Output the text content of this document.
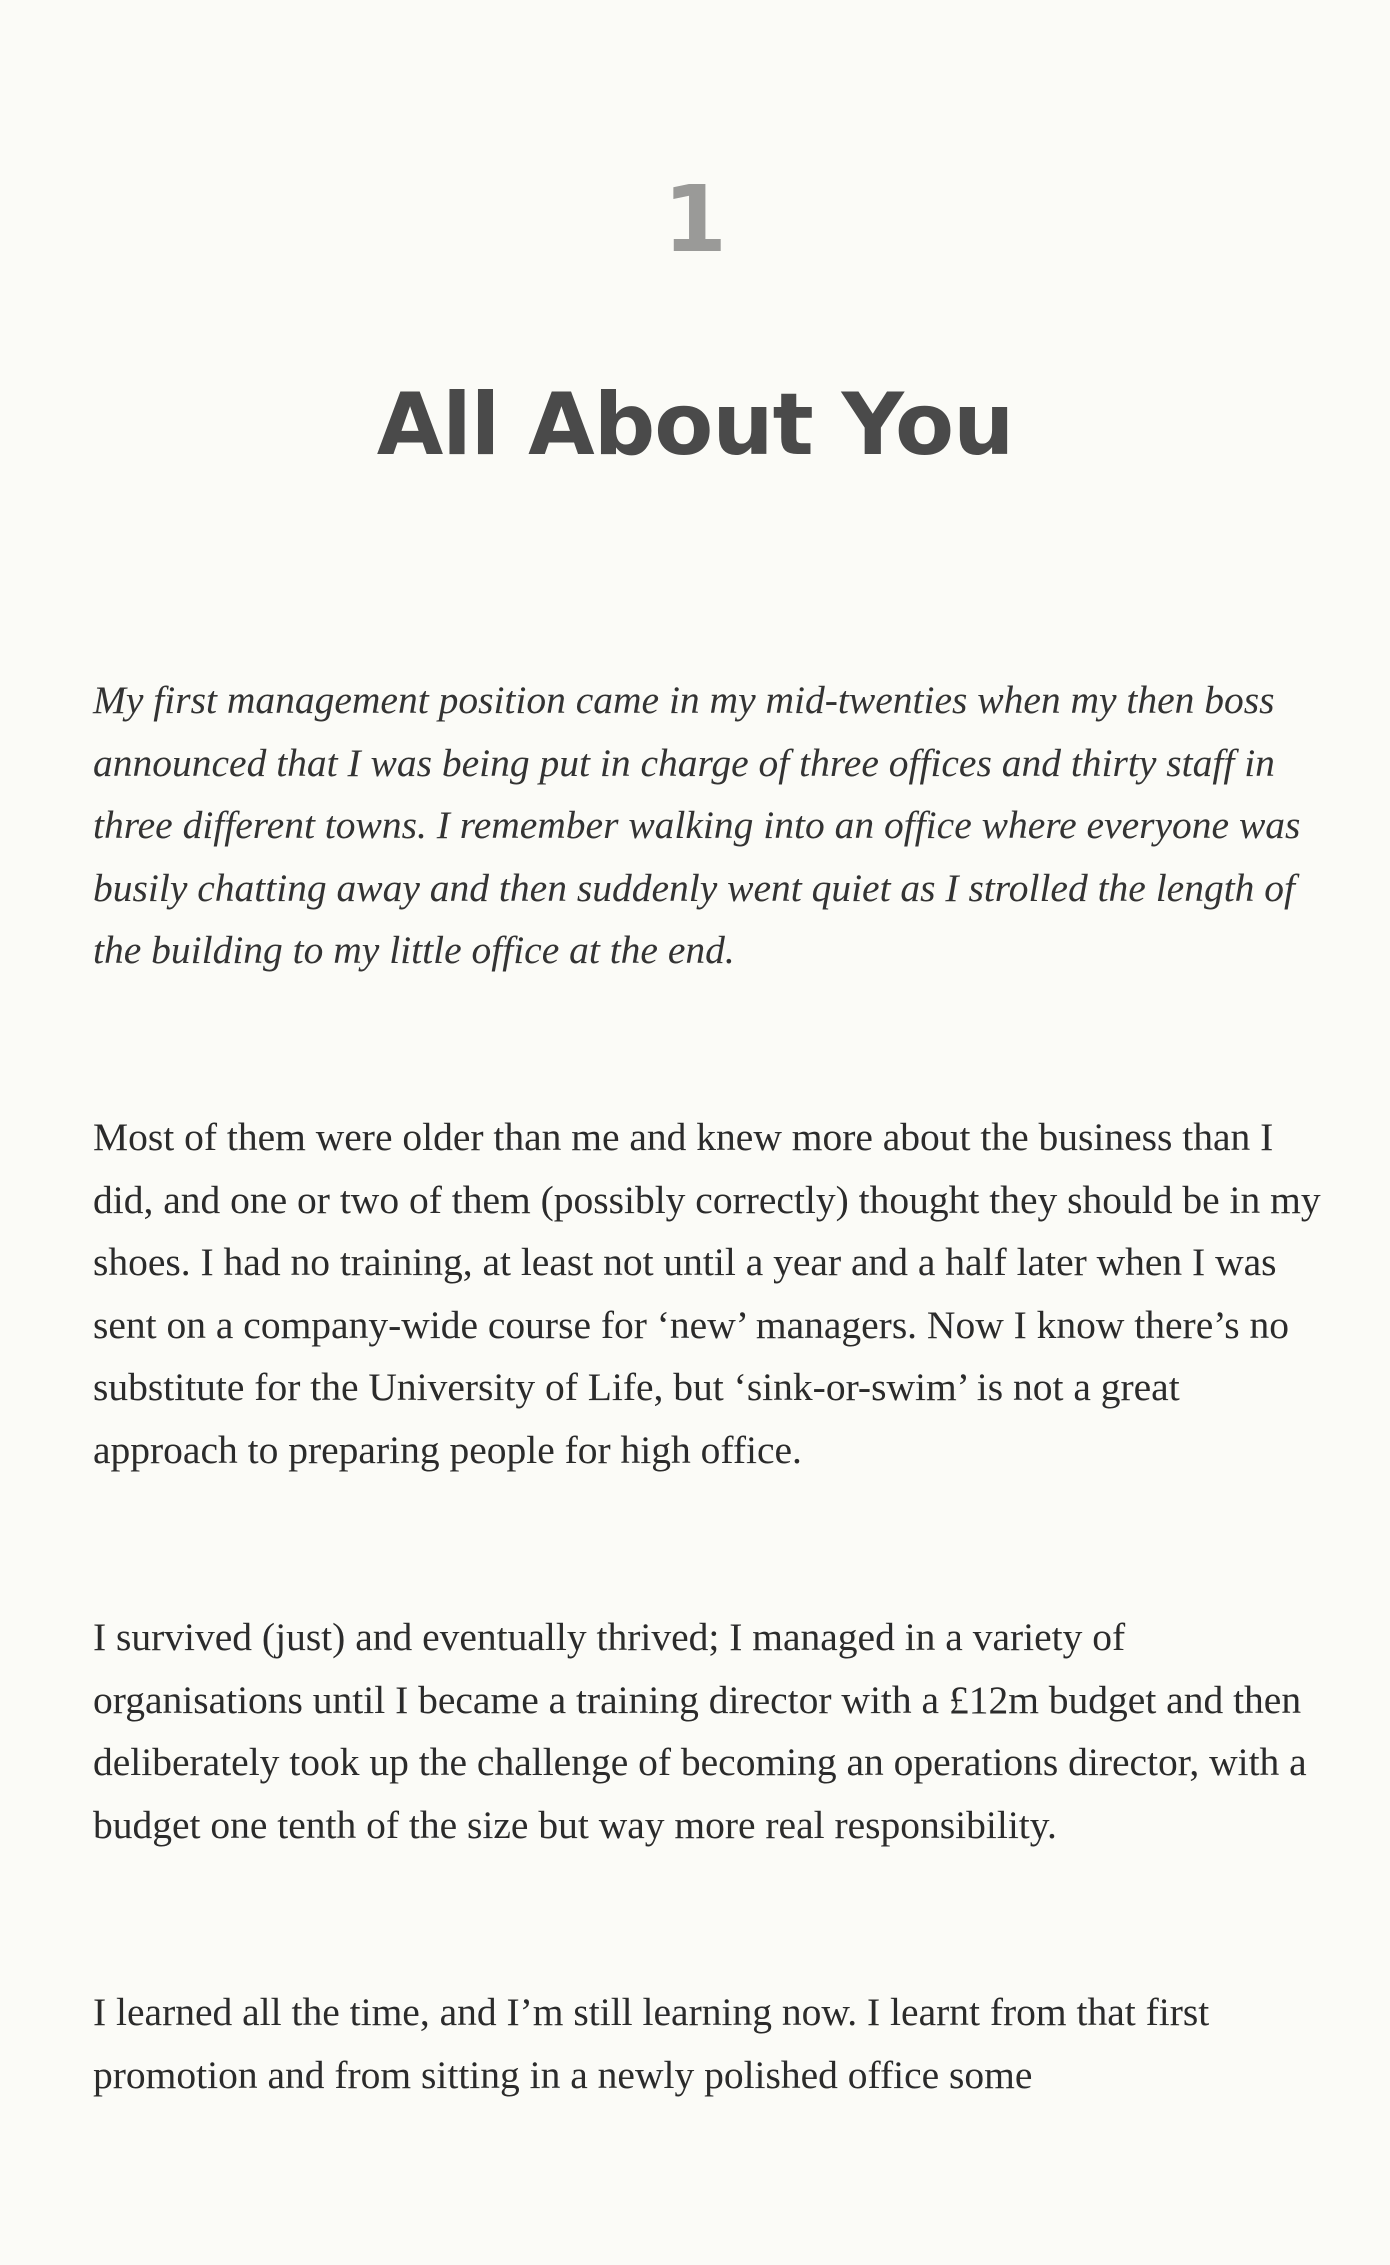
1
All About You

My first management position came in my mid-twenties when my then boss announced that I was being put in charge of three offices and thirty staff in three different towns. I remember walking into an office where everyone was busily chatting away and then suddenly went quiet as I strolled the length of the building to my little office at the end.

Most of them were older than me and knew more about the business than I did, and one or two of them (possibly correctly) thought they should be in my shoes. I had no training, at least not until a year and a half later when I was sent on a company-wide course for ‘new’ managers. Now I know there’s no substitute for the University of Life, but ‘sink-or-swim’ is not a great approach to preparing people for high office.

I survived (just) and eventually thrived; I managed in a variety of organisations until I became a training director with a £12m budget and then deliberately took up the challenge of becoming an operations director, with a budget one tenth of the size but way more real responsibility.

I learned all the time, and I’m still learning now. I learnt from that first promotion and from sitting in a newly polished office some
